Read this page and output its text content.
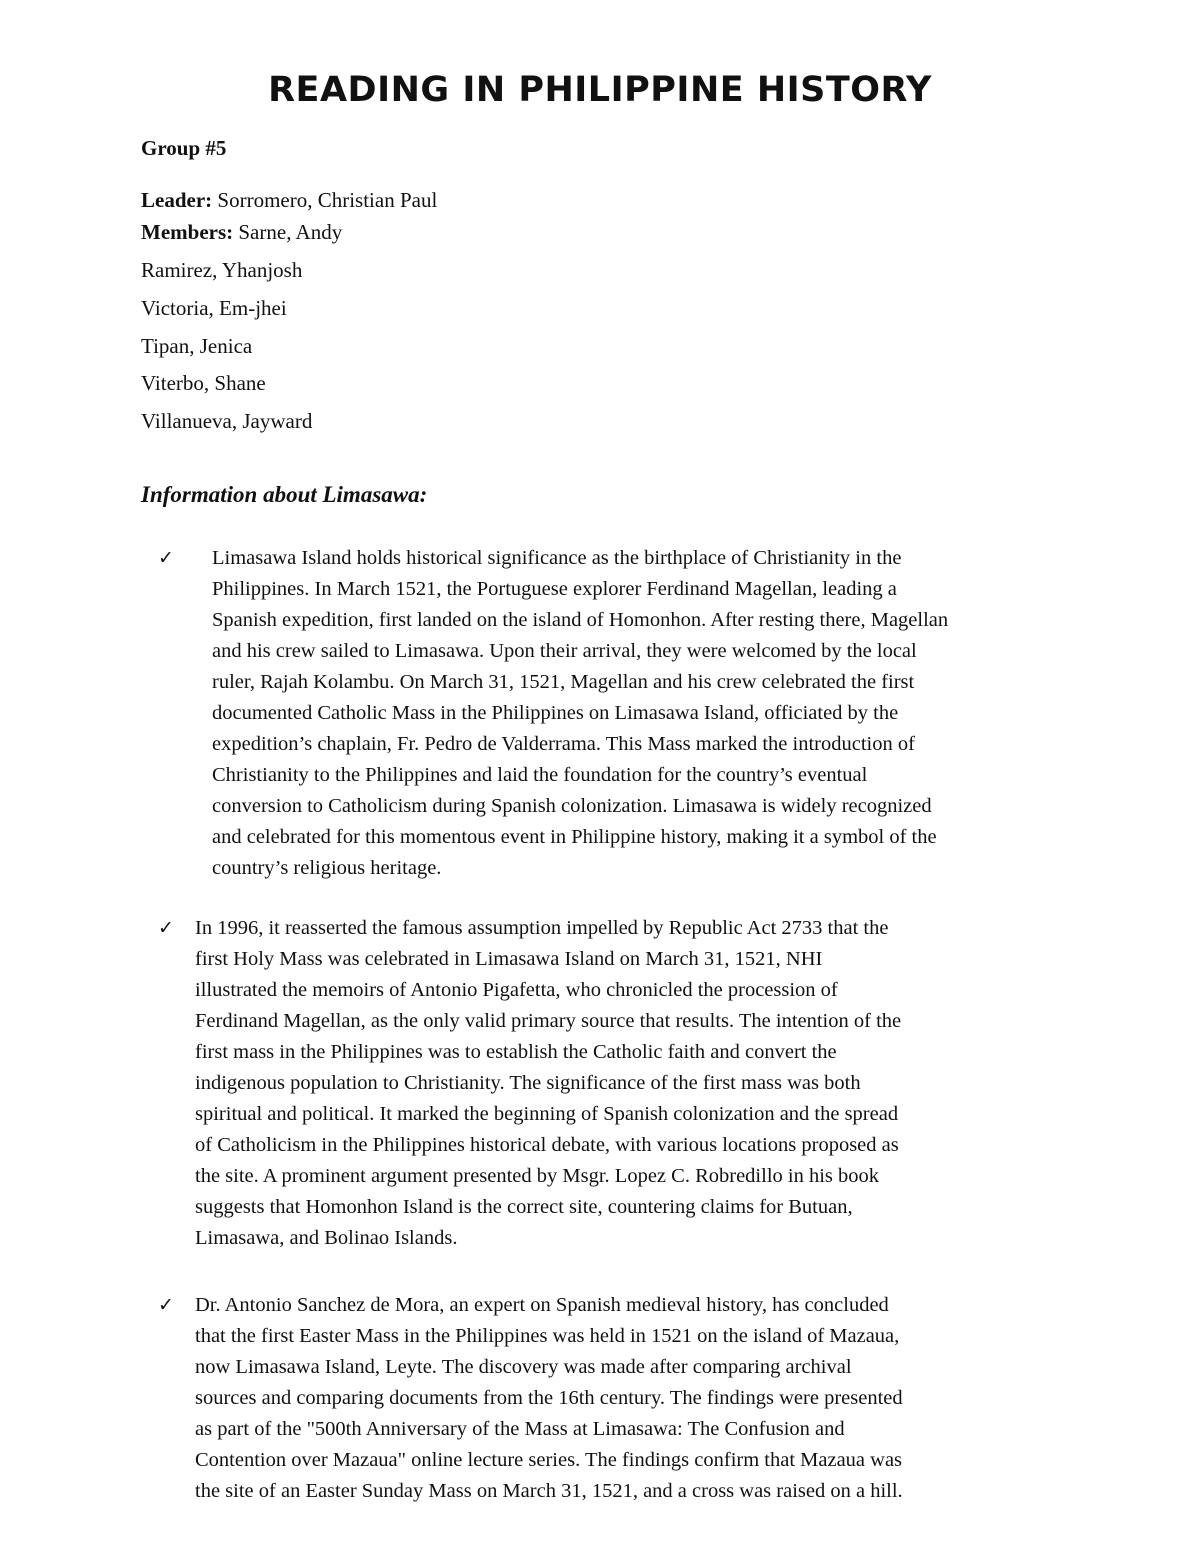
READING IN PHILIPPINE HISTORY
Group #5
Leader: Sorromero, Christian Paul
Members: Sarne, Andy
Ramirez, Yhanjosh
Victoria, Em-jhei
Tipan, Jenica
Viterbo, Shane
Villanueva, Jayward
Information about Limasawa:
✓ Limasawa Island holds historical significance as the birthplace of Christianity in the
Philippines. In March 1521, the Portuguese explorer Ferdinand Magellan, leading a
Spanish expedition, first landed on the island of Homonhon. After resting there, Magellan
and his crew sailed to Limasawa. Upon their arrival, they were welcomed by the local
ruler, Rajah Kolambu. On March 31, 1521, Magellan and his crew celebrated the first
documented Catholic Mass in the Philippines on Limasawa Island, officiated by the
expedition’s chaplain, Fr. Pedro de Valderrama. This Mass marked the introduction of
Christianity to the Philippines and laid the foundation for the country’s eventual
conversion to Catholicism during Spanish colonization. Limasawa is widely recognized
and celebrated for this momentous event in Philippine history, making it a symbol of the
country’s religious heritage.

✓ In 1996, it reasserted the famous assumption impelled by Republic Act 2733 that the
first Holy Mass was celebrated in Limasawa Island on March 31, 1521, NHI
illustrated the memoirs of Antonio Pigafetta, who chronicled the procession of
Ferdinand Magellan, as the only valid primary source that results. The intention of the
first mass in the Philippines was to establish the Catholic faith and convert the
indigenous population to Christianity. The significance of the first mass was both
spiritual and political. It marked the beginning of Spanish colonization and the spread
of Catholicism in the Philippines historical debate, with various locations proposed as
the site. A prominent argument presented by Msgr. Lopez C. Robredillo in his book
suggests that Homonhon Island is the correct site, countering claims for Butuan,
Limasawa, and Bolinao Islands.

✓ Dr. Antonio Sanchez de Mora, an expert on Spanish medieval history, has concluded
that the first Easter Mass in the Philippines was held in 1521 on the island of Mazaua,
now Limasawa Island, Leyte. The discovery was made after comparing archival
sources and comparing documents from the 16th century. The findings were presented
as part of the "500th Anniversary of the Mass at Limasawa: The Confusion and
Contention over Mazaua" online lecture series. The findings confirm that Mazaua was
the site of an Easter Sunday Mass on March 31, 1521, and a cross was raised on a hill.
